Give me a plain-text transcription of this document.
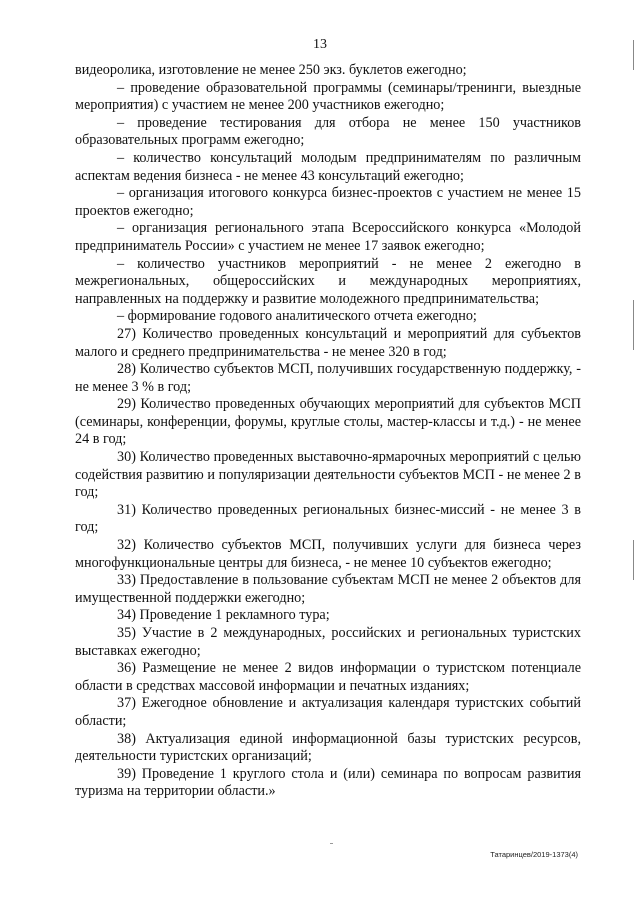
13

видеоролика, изготовление не менее 250 экз. буклетов ежегодно;

– проведение образовательной программы (семинары/тренинги, выездные мероприятия) с участием не менее 200 участников ежегодно;

– проведение тестирования для отбора не менее 150 участников образовательных программ ежегодно;

– количество консультаций молодым предпринимателям по различным аспектам ведения бизнеса - не менее 43 консультаций ежегодно;

– организация итогового конкурса бизнес-проектов с участием не менее 15 проектов ежегодно;

– организация регионального этапа Всероссийского конкурса «Молодой предприниматель России» с участием не менее 17 заявок ежегодно;

– количество участников мероприятий - не менее 2 ежегодно в межрегиональных, общероссийских и международных мероприятиях, направленных на поддержку и развитие молодежного предпринимательства;

– формирование годового аналитического отчета ежегодно;

27) Количество проведенных консультаций и мероприятий для субъектов малого и среднего предпринимательства - не менее 320 в год;

28) Количество субъектов МСП, получивших государственную поддержку, - не менее 3 % в год;

29) Количество проведенных обучающих мероприятий для субъектов МСП (семинары, конференции, форумы, круглые столы, мастер-классы и т.д.) - не менее 24 в год;

30) Количество проведенных выставочно-ярмарочных мероприятий с целью содействия развитию и популяризации деятельности субъектов МСП - не менее 2 в год;

31) Количество проведенных региональных бизнес-миссий - не менее 3 в год;

32) Количество субъектов МСП, получивших услуги для бизнеса через многофункциональные центры для бизнеса, - не менее 10 субъектов ежегодно;

33) Предоставление в пользование субъектам МСП не менее 2 объектов для имущественной поддержки ежегодно;

34) Проведение 1 рекламного тура;

35) Участие в 2 международных, российских и региональных туристских выставках ежегодно;

36) Размещение не менее 2 видов информации о туристском потенциале области в средствах массовой информации и печатных изданиях;

37) Ежегодное обновление и актуализация календаря туристских событий области;

38) Актуализация единой информационной базы туристских ресурсов, деятельности туристских организаций;

39) Проведение 1 круглого стола и (или) семинара по вопросам развития туризма на территории области.»

Татаринцев/2019-1373(4)
